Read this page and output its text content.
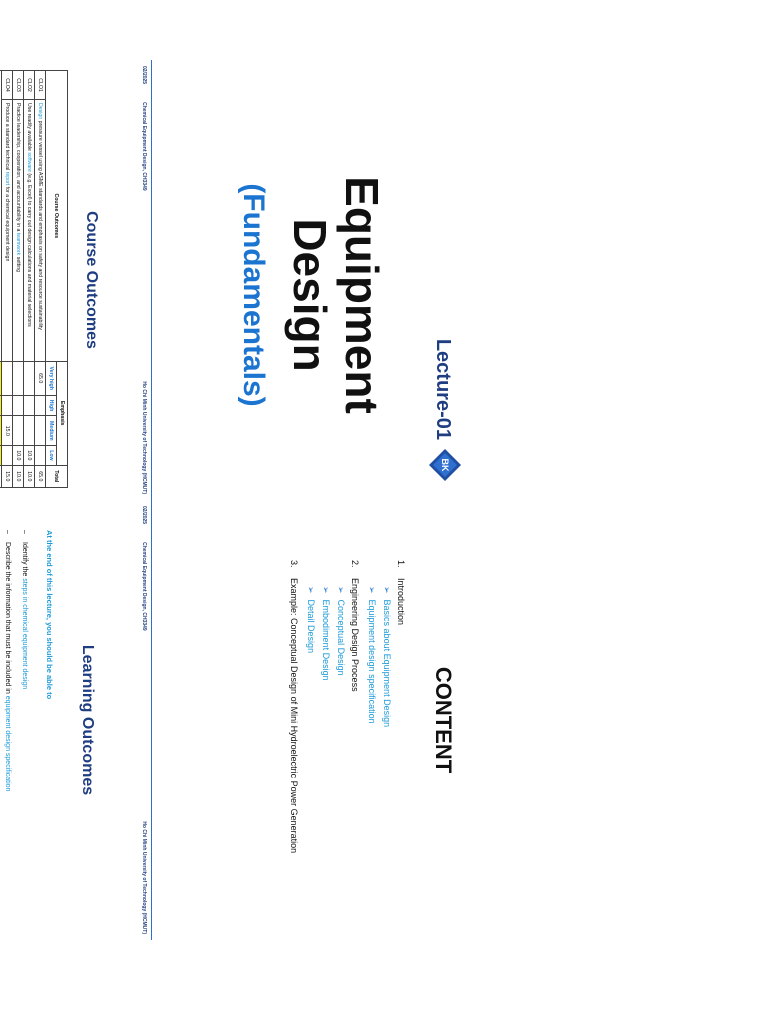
BK
Lecture-01
Equipment
Design
(Fundamentals)
02/2025
Chemical Equipment Design, CH3349
Ho Chi Minh University of Technology (HCMUT)
CONTENT
1.Introduction
➢Basics about Equipment Design
➢Equipment design specification
2.Engineering Design Process
➢Conceptual Design
➢Embodiment Design
➢Detail Design
3.Example: Conceptual Design of Mini Hydroelectric Power Generation
02/2025
Chemical Equipment Design, CH3349
Ho Chi Minh University of Technology (HCMUT)
Course Outcomes
Course Outcomes		Emphasis				Total
		Very high	High	Medium	Low	
CLO1	Design pressure vessel using ASME standards and emphasis on safety and resource sustainability	65.0				65.0
CLO2	Use readily available software (e.g. Excel) to carry out design calculations and material selections				10.0	10.0
CLO3	Practice leadership, cooperation, and accountability in a teamwork setting				10.0	10.0
CLO4	Produce a standard technical report for a chemical equipment design			15.0		15.0

Learning Outcomes
At the end of this lecture, you should be able to
–Identify the steps in chemical equipment design
–Describe the information that must be included in equipment design specification
